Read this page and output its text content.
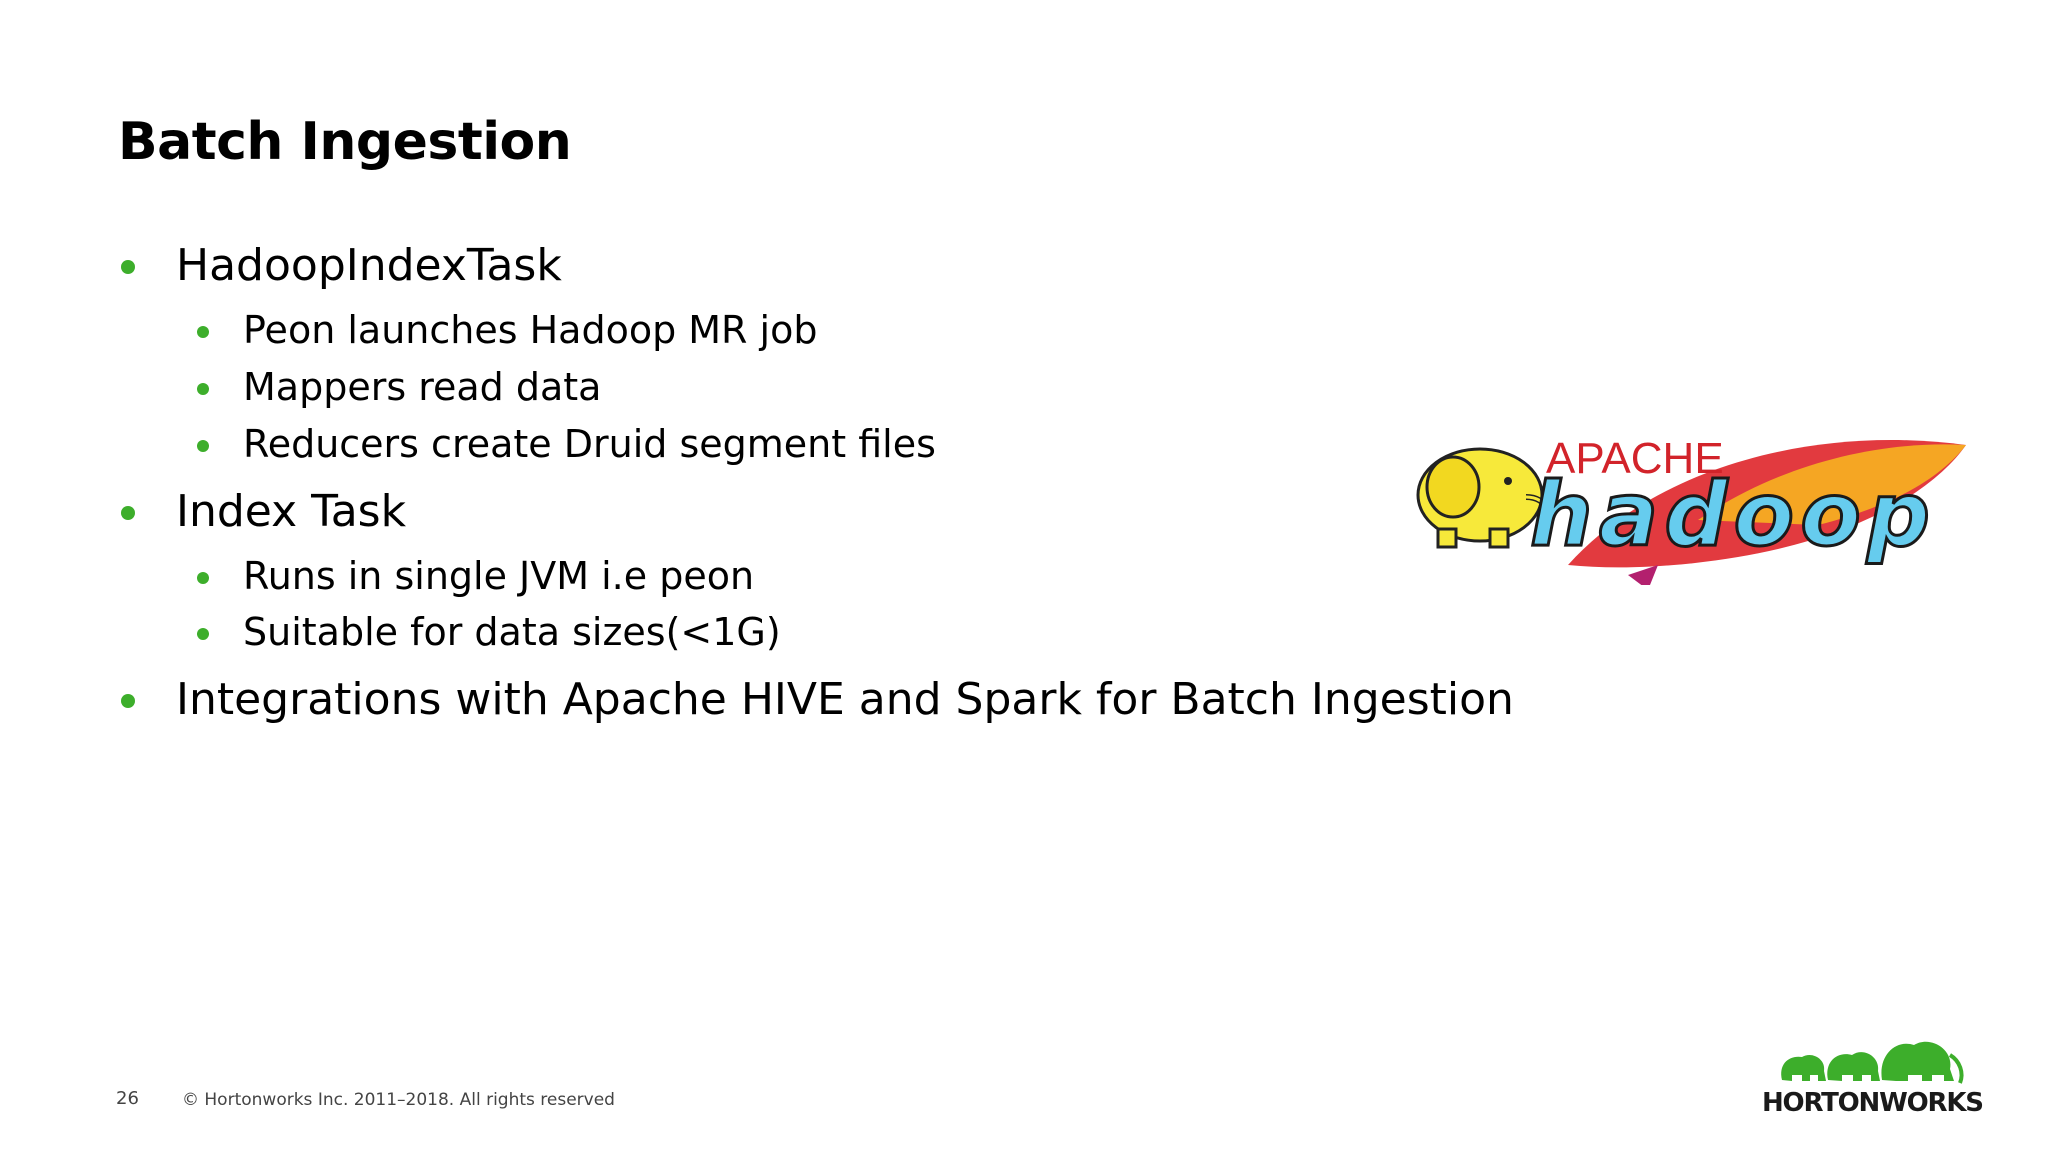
Batch Ingestion
HadoopIndexTask
Peon launches Hadoop MR job
Mappers read data
Reducers create Druid segment files
Index Task
Runs in single JVM i.e peon
Suitable for data sizes(<1G)
Integrations with Apache HIVE and Spark for Batch Ingestion
APACHE
hadoop
26	© Hortonworks Inc. 2011–2018. All rights reserved	HORTONWORKS
